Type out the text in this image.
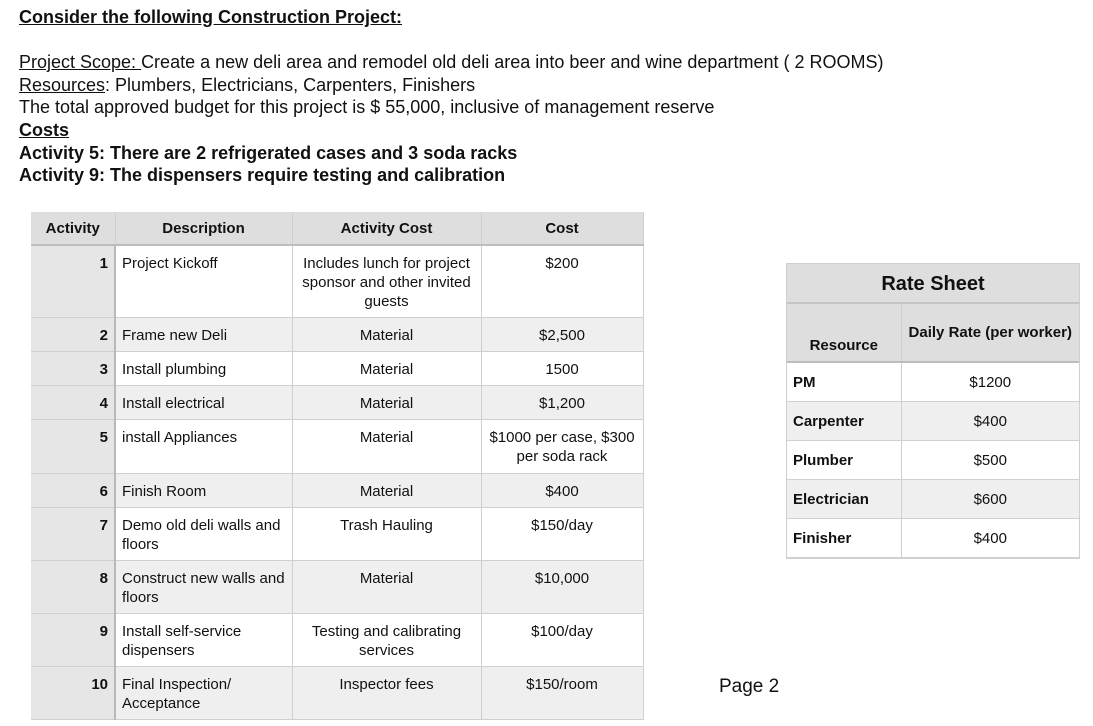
Consider the following Construction Project:
Project Scope: Create a new deli area and remodel old deli area into beer and wine department ( 2 ROOMS)
Resources: Plumbers, Electricians, Carpenters, Finishers
The total approved budget for this project is $ 55,000, inclusive of management reserve
Costs
Activity 5: There are 2 refrigerated cases and 3 soda racks
Activity 9: The dispensers require testing and calibration
Activity	Description	Activity Cost	Cost
1	Project Kickoff	Includes lunch for project sponsor and other invited guests	$200
2	Frame new Deli	Material	$2,500
3	Install plumbing	Material	1500
4	Install electrical	Material	$1,200
5	install Appliances	Material	$1000 per case, $300 per soda rack
6	Finish Room	Material	$400
7	Demo old deli walls and floors	Trash Hauling	$150/day
8	Construct new walls and floors	Material	$10,000
9	Install self-service dispensers	Testing and calibrating services	$100/day
10	Final Inspection/ Acceptance	Inspector fees	$150/room
Rate Sheet
Resource	Daily Rate (per worker)
PM	$1200
Carpenter	$400
Plumber	$500
Electrician	$600
Finisher	$400
Page 2
